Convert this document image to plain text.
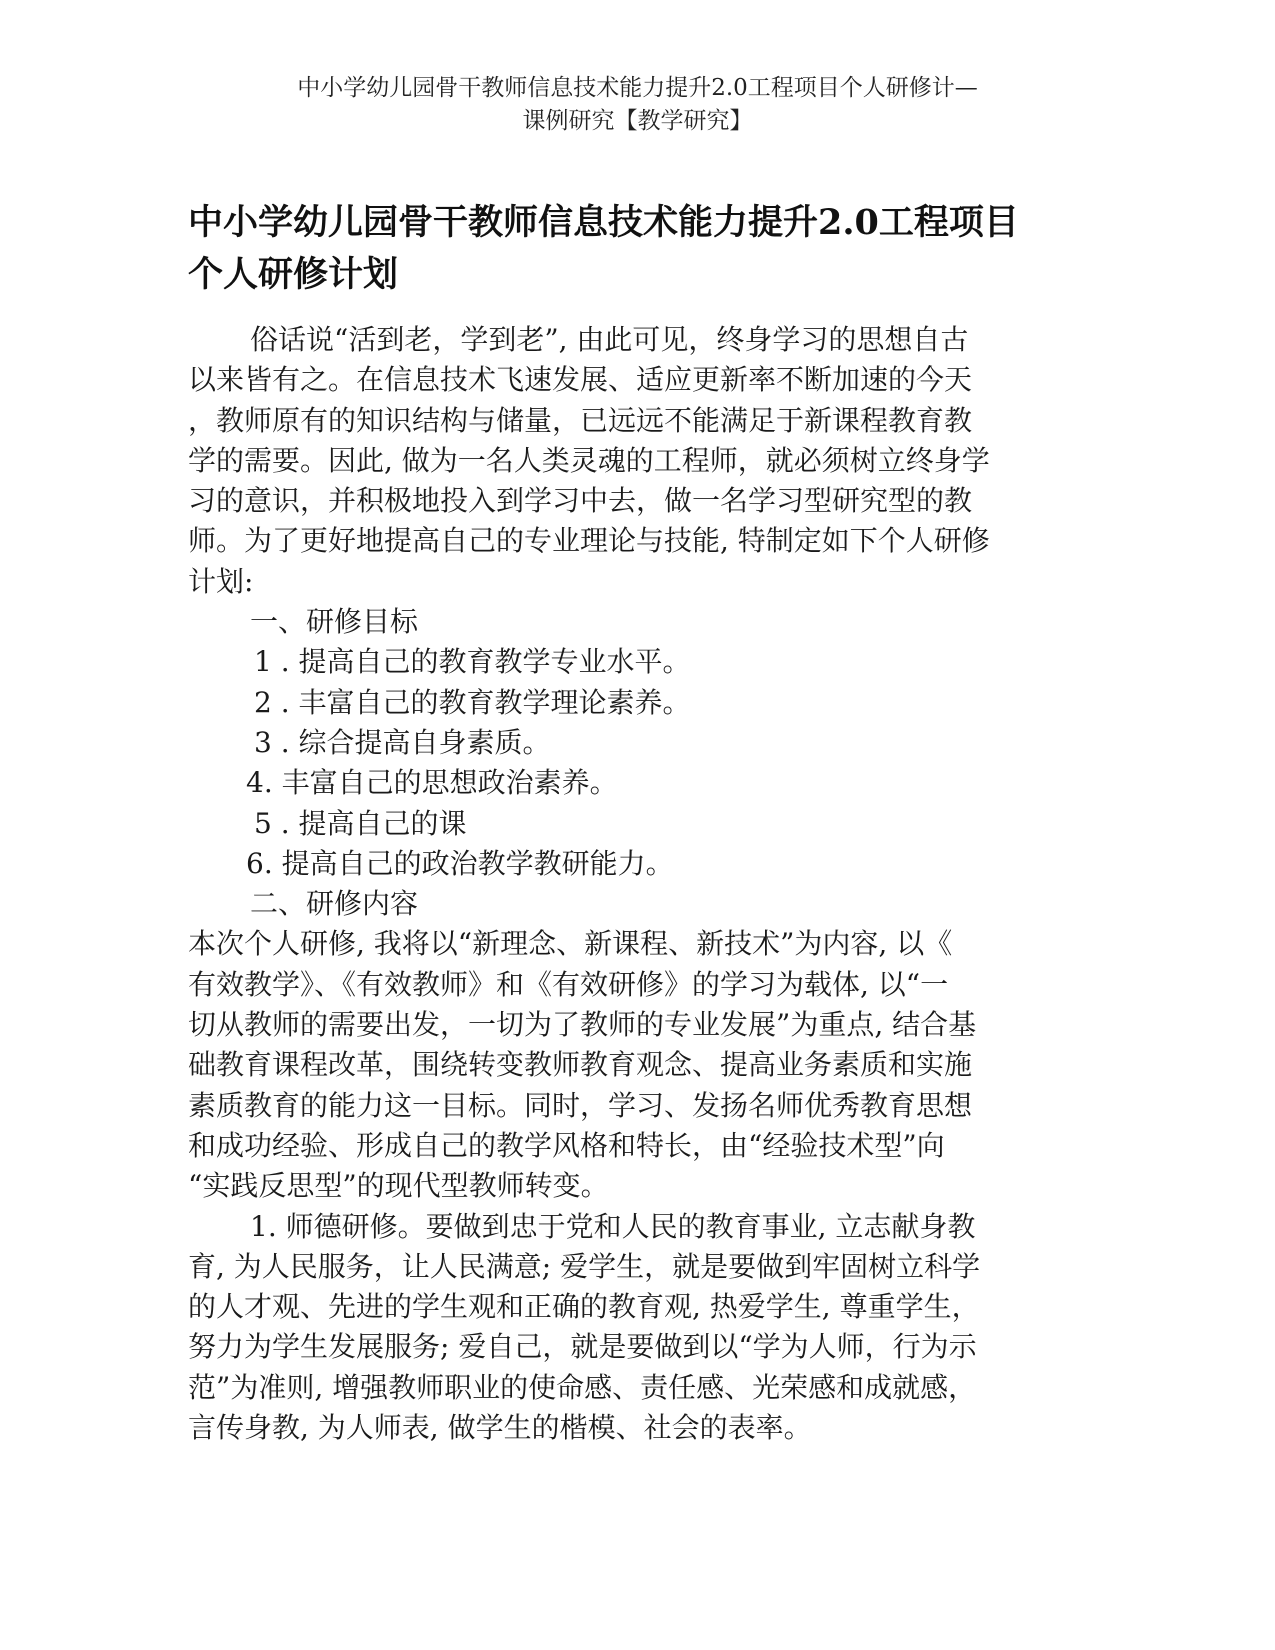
中小学幼儿园骨干教师信息技术能力提升2.0工程项目个人研修计—
课例研究【教学研究】
中小学幼儿园骨干教师信息技术能力提升2.0工程项目
个人研修计划
俗话说“活到老，学到老”, 由此可见，终身学习的思想自古
以来皆有之。在信息技术飞速发展、适应更新率不断加速的今天
，教师原有的知识结构与储量，已远远不能满足于新课程教育教
学的需要。因此, 做为一名人类灵魂的工程师，就必须树立终身学
习的意识，并积极地投入到学习中去，做一名学习型研究型的教
师。为了更好地提高自己的专业理论与技能, 特制定如下个人研修
计划:
一、研修目标
1 . 提高自己的教育教学专业水平。
2 . 丰富自己的教育教学理论素养。
3 . 综合提高自身素质。
4. 丰富自己的思想政治素养。
5 . 提高自己的课
6. 提高自己的政治教学教研能力。
二、研修内容
本次个人研修, 我将以“新理念、新课程、新技术”为内容, 以《
有效教学》、《有效教师》和《有效研修》的学习为载体, 以“一
切从教师的需要出发，一切为了教师的专业发展”为重点, 结合基
础教育课程改革，围绕转变教师教育观念、提高业务素质和实施
素质教育的能力这一目标。同时，学习、发扬名师优秀教育思想
和成功经验、形成自己的教学风格和特长，由“经验技术型”向
“实践反思型”的现代型教师转变。
1. 师德研修。要做到忠于党和人民的教育事业, 立志献身教
育, 为人民服务，让人民满意; 爱学生，就是要做到牢固树立科学
的人才观、先进的学生观和正确的教育观, 热爱学生, 尊重学生，
努力为学生发展服务; 爱自己，就是要做到以“学为人师，行为示
范”为准则, 增强教师职业的使命感、责任感、光荣感和成就感，
言传身教, 为人师表, 做学生的楷模、社会的表率。
